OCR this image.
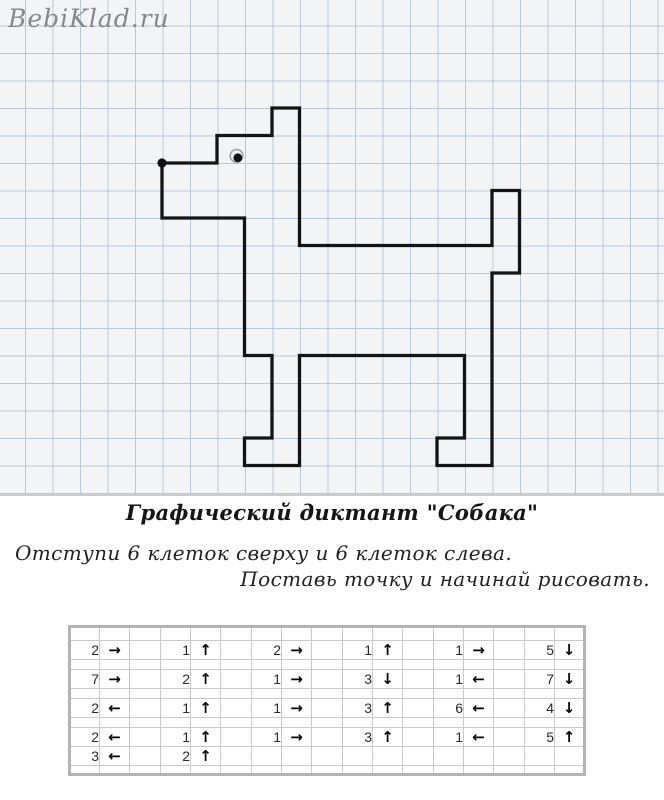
BebiKlad.ru
Графический диктант "Собака"
Отступи 6 клеток сверху и 6 клеток слева.
Поставь точку и начинай рисовать.

2	→		1	↑		2	→		1	↑		1	→		5	↓

7	→		2	↑		1	→		3	↓		1	←		7	↓

2	←		1	↑		1	→		3	↑		6	←		4	↓

2	←		1	↑		1	→		3	↑		1	←		5	↑
3	←		2	↑												
